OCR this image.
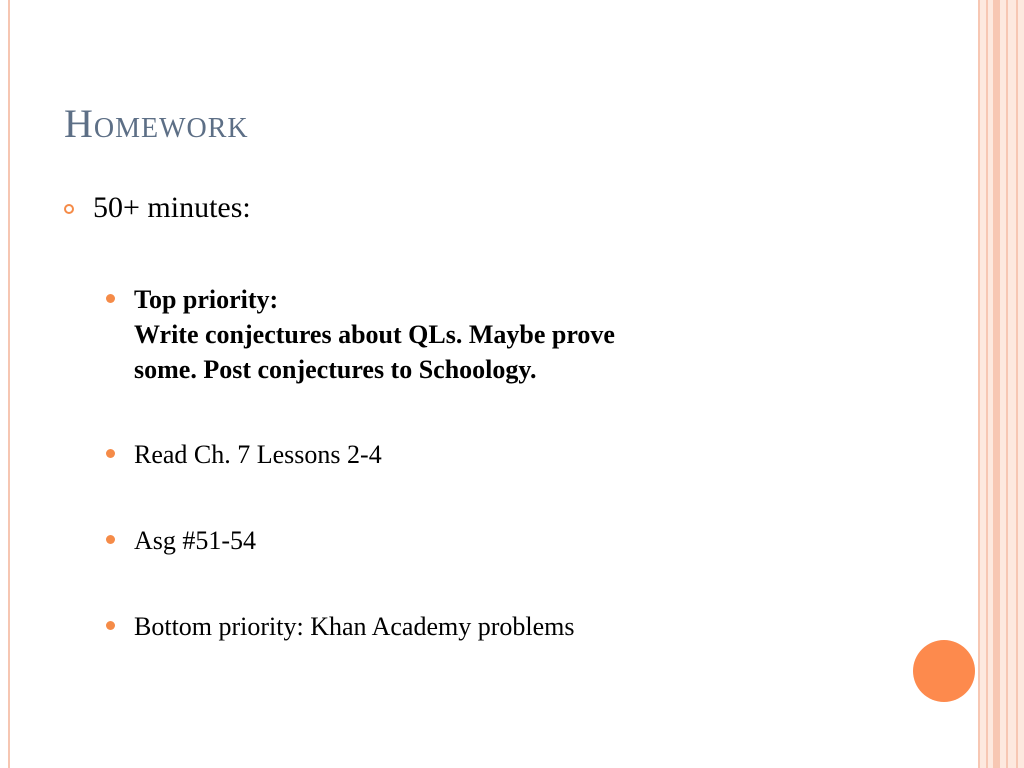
Homework
50+ minutes:
Top priority:
Write conjectures about QLs. Maybe prove
some. Post conjectures to Schoology.
Read Ch. 7 Lessons 2-4
Asg #51-54
Bottom priority: Khan Academy problems
